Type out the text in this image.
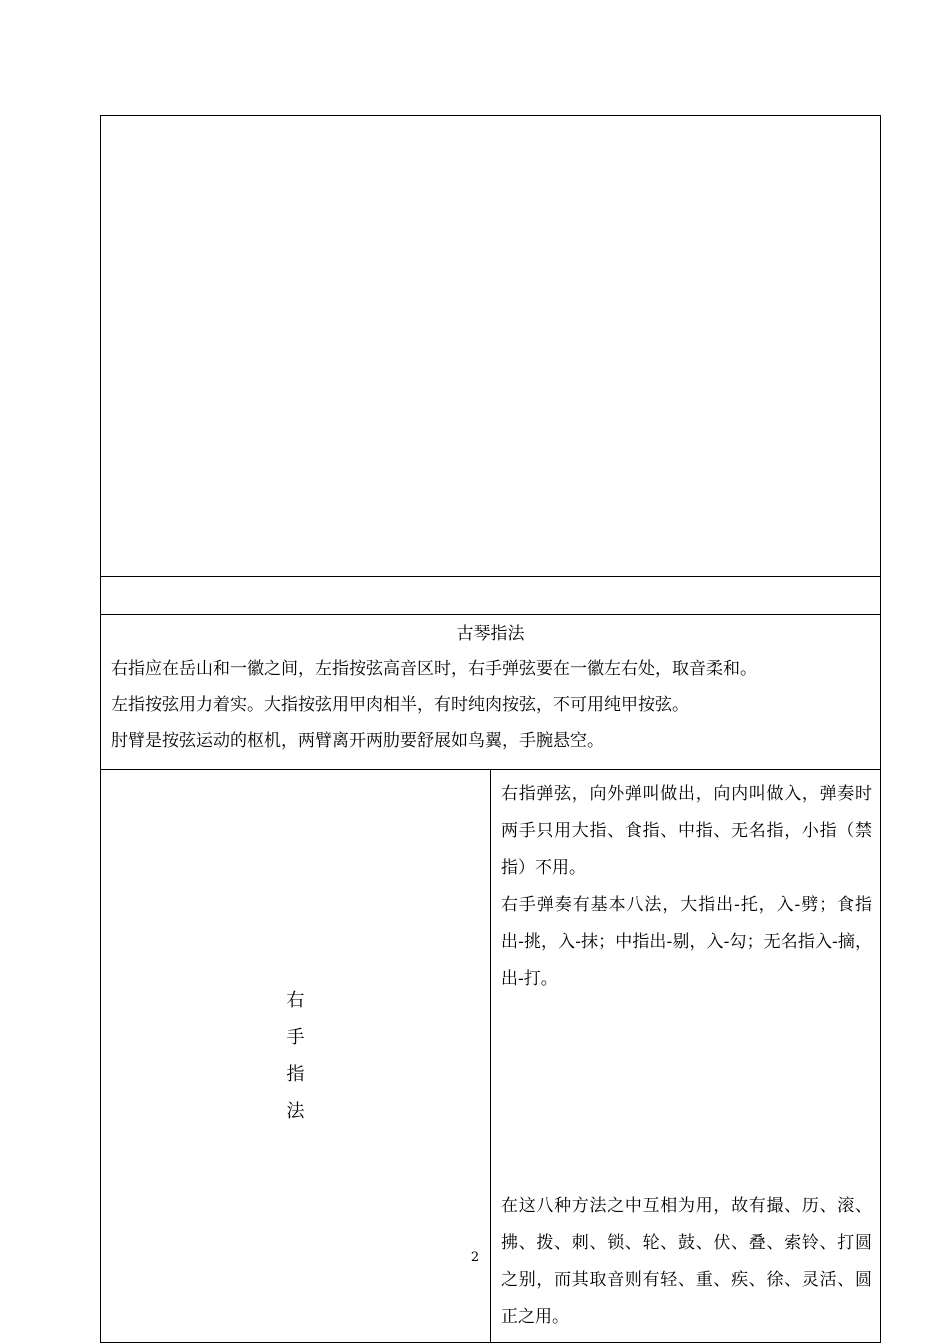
古琴指法

右指应在岳山和一徽之间，左指按弦高音区时，右手弹弦要在一徽左右处，取音柔和。

左指按弦用力着实。大指按弦用甲肉相半，有时纯肉按弦，不可用纯甲按弦。

肘臂是按弦运动的枢机，两臂离开两肋要舒展如鸟翼，手腕悬空。

右
手
指
法

右指弹弦，向外弹叫做出，向内叫做入，弹奏时两手只用大指、食指、中指、无名指，小指（禁指）不用。

右手弹奏有基本八法，大指出-托，入-劈；食指出-挑，入-抹；中指出-剔，入-勾；无名指入-摘，出-打。

在这八种方法之中互相为用，故有撮、历、滚、拂、拨、刺、锁、轮、鼓、伏、叠、索铃、打圆之别，而其取音则有轻、重、疾、徐、灵活、圆正之用。

2
